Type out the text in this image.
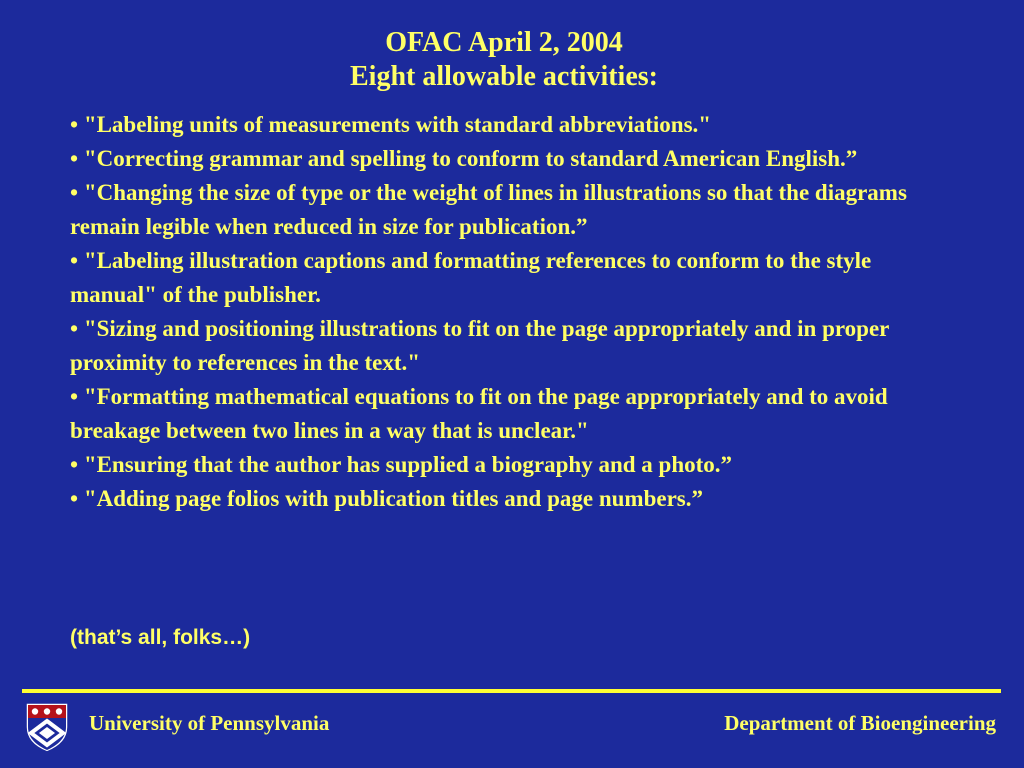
OFAC April 2, 2004
Eight allowable activities:
• "Labeling units of measurements with standard abbreviations."
• "Correcting grammar and spelling to conform to standard American English.”
• "Changing the size of type or the weight of lines in illustrations so that the diagrams remain legible when reduced in size for publication.”
• "Labeling illustration captions and formatting references to conform to the style manual" of the publisher.
• "Sizing and positioning illustrations to fit on the page appropriately and in proper proximity to references in the text."
• "Formatting mathematical equations to fit on the page appropriately and to avoid breakage between two lines in a way that is unclear."
• "Ensuring that the author has supplied a biography and a photo.”
• "Adding page folios with publication titles and page numbers.”
(that’s all, folks…)
University of Pennsylvania	Department of Bioengineering
